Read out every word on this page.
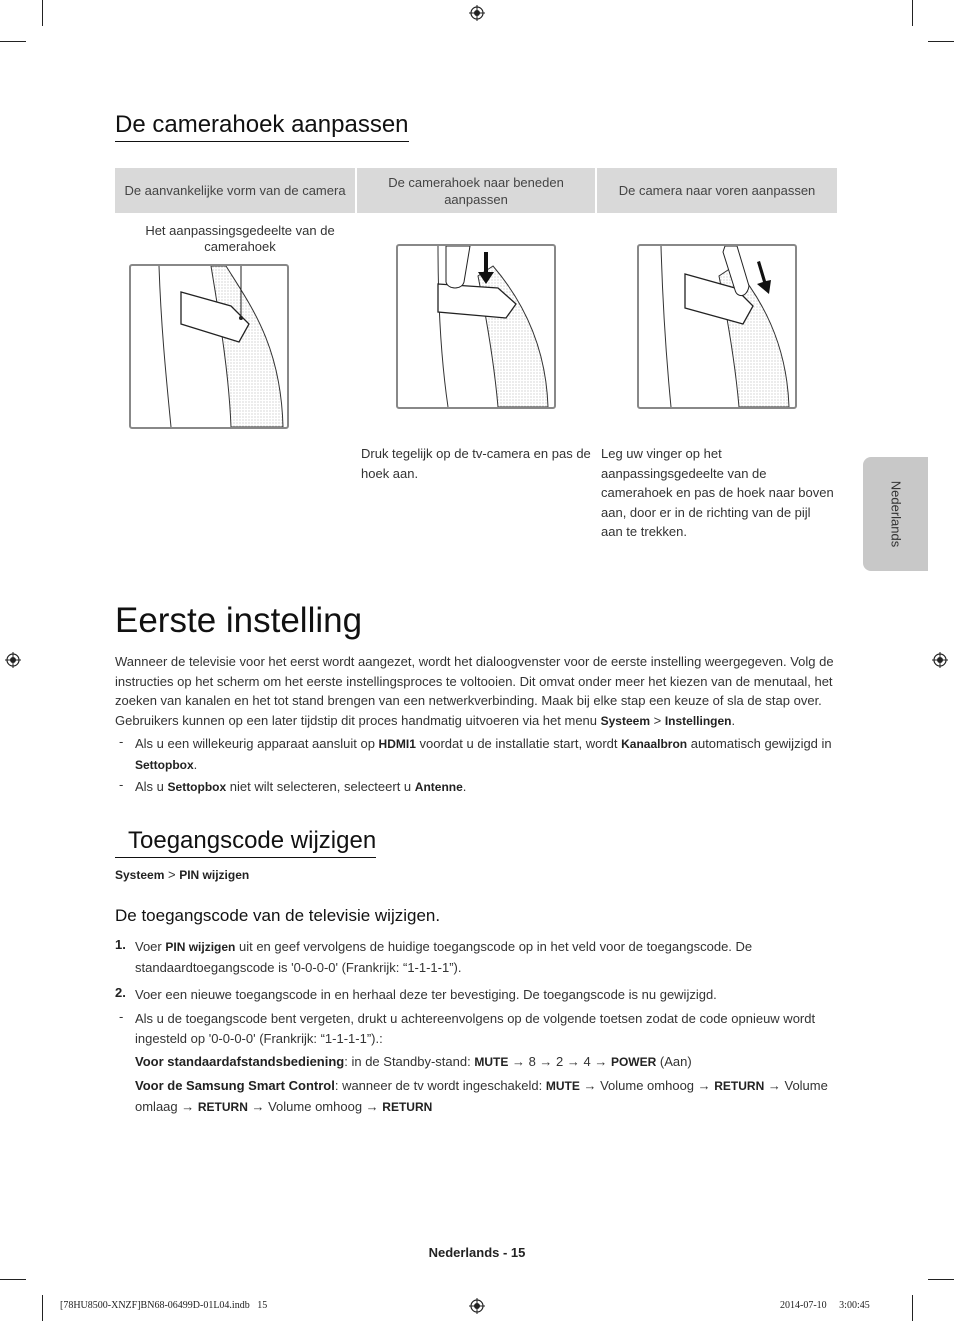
De camerahoek aanpassen
De aanvankelijke vorm van de camera
De camerahoek naar beneden aanpassen
De camera naar voren aanpassen
Het aanpassingsgedeelte van de camerahoek
Druk tegelijk op de tv-camera en pas de hoek aan.
Leg uw vinger op het aanpassingsgedeelte van de camerahoek en pas de hoek naar boven aan, door er in de richting van de pijl aan te trekken.	Nederlands
Eerste instelling
Wanneer de televisie voor het eerst wordt aangezet, wordt het dialoogvenster voor de eerste instelling weergegeven. Volg de instructies op het scherm om het eerste instellingsproces te voltooien. Dit omvat onder meer het kiezen van de menutaal, het zoeken van kanalen en het tot stand brengen van een netwerkverbinding. Maak bij elke stap een keuze of sla de stap over. Gebruikers kunnen op een later tijdstip dit proces handmatig uitvoeren via het menu Systeem > Instellingen.
- Als u een willekeurig apparaat aansluit op HDMI1 voordat u de installatie start, wordt Kanaalbron automatisch gewijzigd in Settopbox.
- Als u Settopbox niet wilt selecteren, selecteert u Antenne.
Toegangscode wijzigen
Systeem > PIN wijzigen
De toegangscode van de televisie wijzigen.
1. Voer PIN wijzigen uit en geef vervolgens de huidige toegangscode op in het veld voor de toegangscode. De standaardtoegangscode is '0-0-0-0' (Frankrijk: “1-1-1-1”).
2. Voer een nieuwe toegangscode in en herhaal deze ter bevestiging. De toegangscode is nu gewijzigd.
- Als u de toegangscode bent vergeten, drukt u achtereenvolgens op de volgende toetsen zodat de code opnieuw wordt ingesteld op '0-0-0-0' (Frankrijk: “1-1-1-1”).:
Voor standaardafstandsbediening: in de Standby-stand: MUTE → 8 → 2 → 4 → POWER (Aan)
Voor de Samsung Smart Control: wanneer de tv wordt ingeschakeld: MUTE → Volume omhoog → RETURN → Volume omlaag → RETURN → Volume omhoog → RETURN
Nederlands - 15
[78HU8500-XNZF]BN68-06499D-01L04.indb   15	2014-07-10     3:00:45
